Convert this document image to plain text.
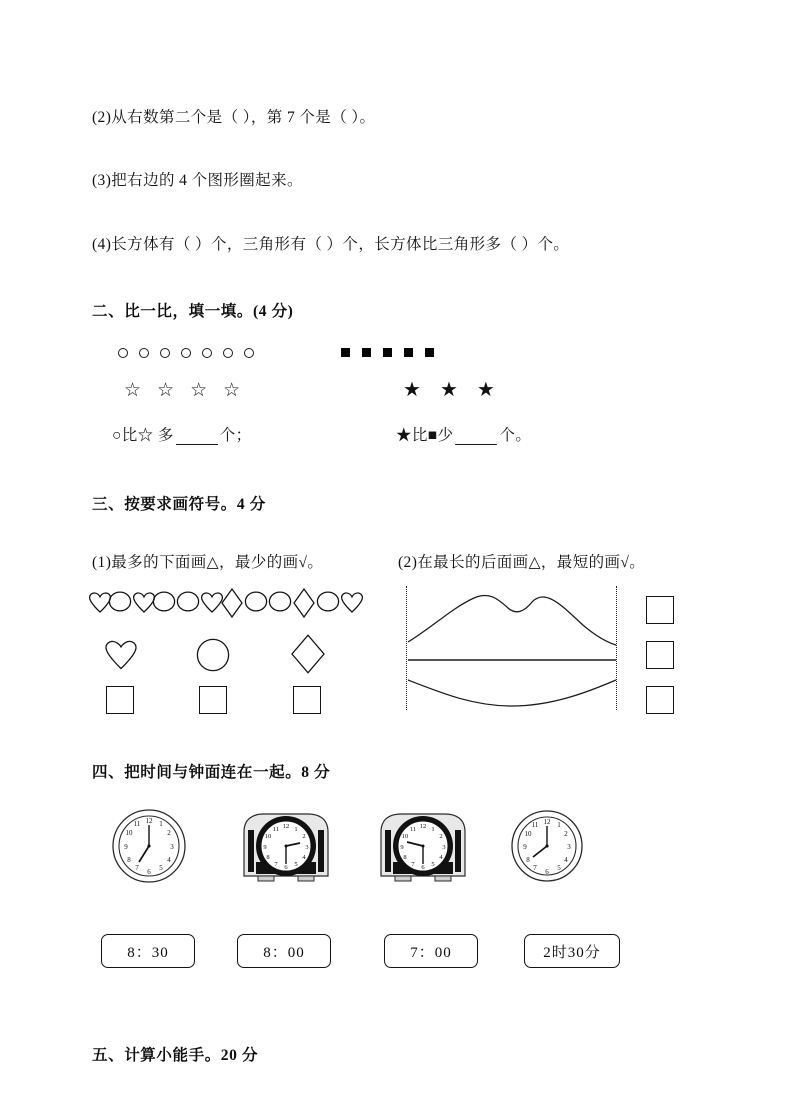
(2)从右数第二个是（ ），第 7 个是（ ）。
(3)把右边的 4 个图形圈起来。
(4)长方体有（ ）个，三角形有（ ）个，长方体比三角形多（ ）个。
二、比一比，填一填。(4 分)

☆ ☆ ☆ ☆	★ ★ ★
○比☆ 多	个；	★比■少	个。
三、按要求画符号。4 分
(1)最多的下面画△，最少的画√。	(2)在最长的后面画△，最短的画√。
四、把时间与钟面连在一起。8 分

12 1
2
3
4
5
6
7
8
9
10
11	12 1
2
3
4
5
6
7
8
9
10
11	12 1
2
3
4
5
6
7
8
9
10
11
12 1
2
3
4
5
6
7
8
9
10
11
8：30	8：00	7：00	2时30分
五、计算小能手。20 分
